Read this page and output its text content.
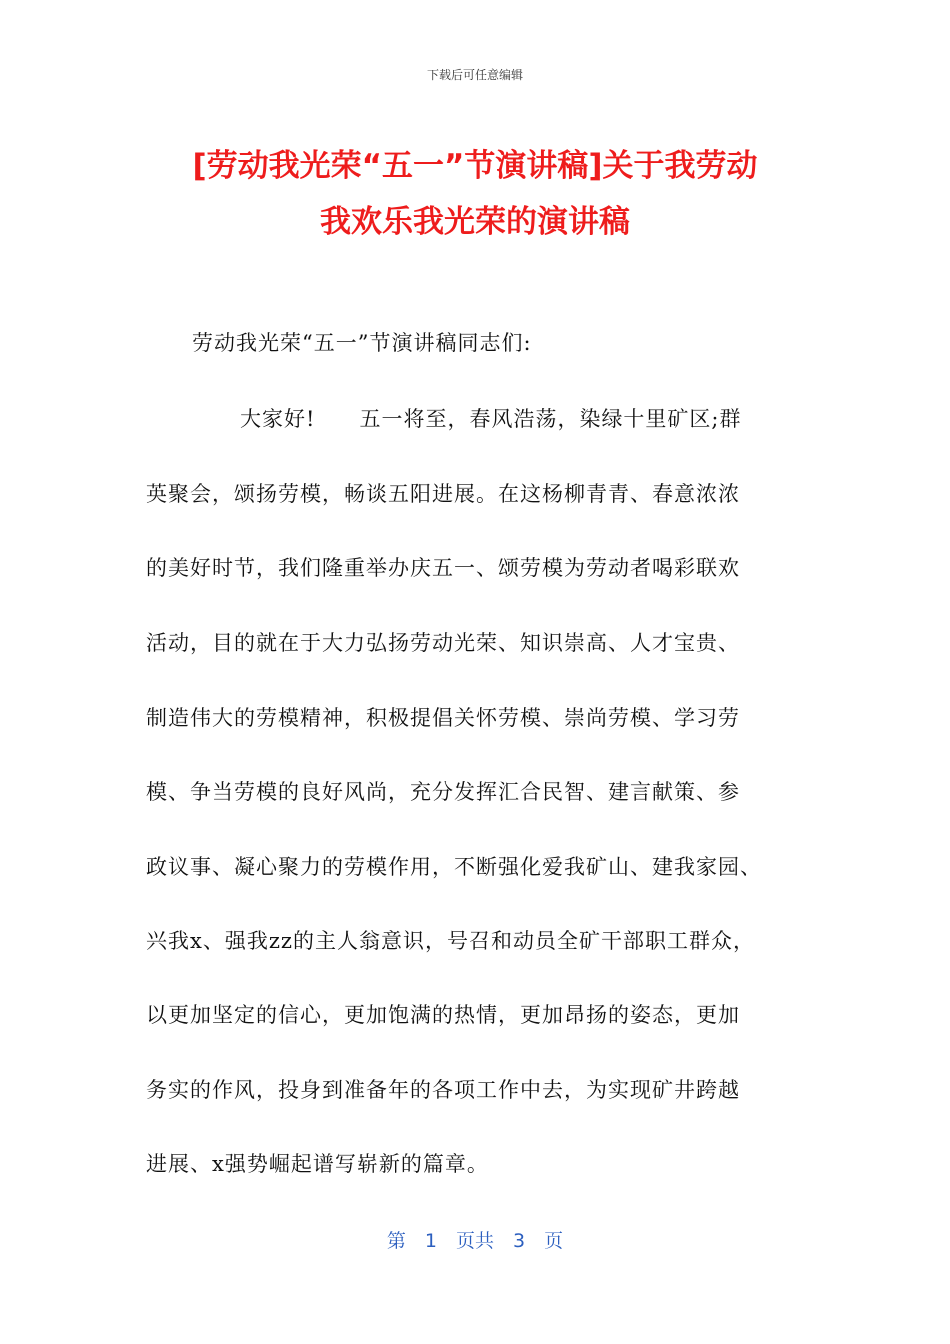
下载后可任意编辑
[劳动我光荣“五一”节演讲稿]关于我劳动
我欢乐我光荣的演讲稿
劳动我光荣“五一”节演讲稿同志们:
大家好!　　五一将至，春风浩荡，染绿十里矿区;群
英聚会，颂扬劳模，畅谈五阳进展。在这杨柳青青、春意浓浓
的美好时节，我们隆重举办庆五一、颂劳模为劳动者喝彩联欢
活动，目的就在于大力弘扬劳动光荣、知识崇高、人才宝贵、
制造伟大的劳模精神，积极提倡关怀劳模、崇尚劳模、学习劳
模、争当劳模的良好风尚，充分发挥汇合民智、建言献策、参
政议事、凝心聚力的劳模作用，不断强化爱我矿山、建我家园、
兴我x、强我zz的主人翁意识，号召和动员全矿干部职工群众，
以更加坚定的信心，更加饱满的热情，更加昂扬的姿态，更加
务实的作风，投身到准备年的各项工作中去，为实现矿井跨越
进展、x强势崛起谱写崭新的篇章。
第　1　页共　3　页
